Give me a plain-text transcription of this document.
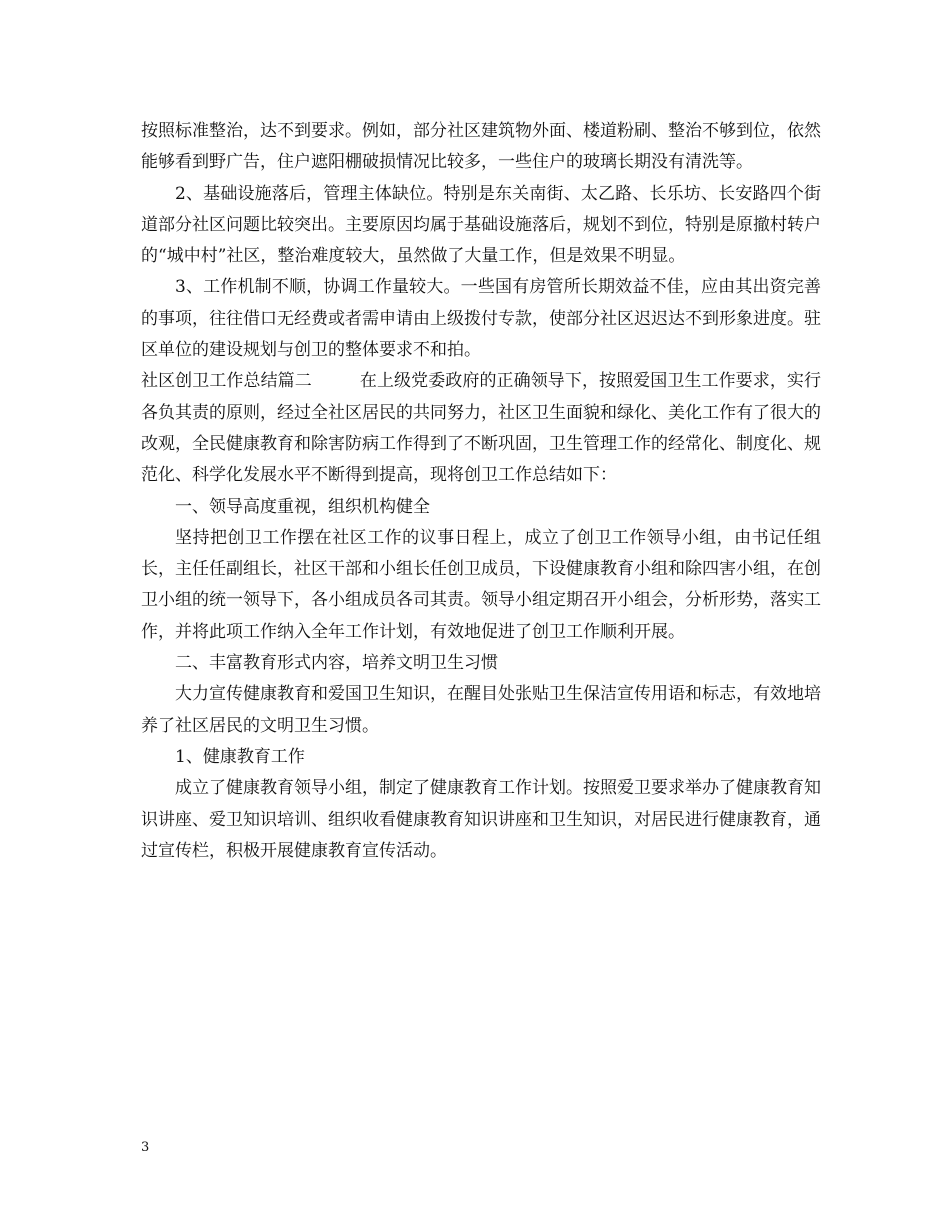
按照标准整治，达不到要求。例如，部分社区建筑物外面、楼道粉刷、整治不够到位，依然能够看到野广告，住户遮阳棚破损情况比较多，一些住户的玻璃长期没有清洗等。

2、基础设施落后，管理主体缺位。特别是东关南街、太乙路、长乐坊、长安路四个街道部分社区问题比较突出。主要原因均属于基础设施落后，规划不到位，特别是原撤村转户的“城中村”社区，整治难度较大，虽然做了大量工作，但是效果不明显。

3、工作机制不顺，协调工作量较大。一些国有房管所长期效益不佳，应由其出资完善的事项，往往借口无经费或者需申请由上级拨付专款，使部分社区迟迟达不到形象进度。驻区单位的建设规划与创卫的整体要求不和拍。

社区创卫工作总结篇二	在上级党委政府的正确领导下，按照爱国卫生工作要求，实行各负其责的原则，经过全社区居民的共同努力，社区卫生面貌和绿化、美化工作有了很大的改观，全民健康教育和除害防病工作得到了不断巩固，卫生管理工作的经常化、制度化、规范化、科学化发展水平不断得到提高，现将创卫工作总结如下：

一、领导高度重视，组织机构健全

坚持把创卫工作摆在社区工作的议事日程上，成立了创卫工作领导小组，由书记任组长，主任任副组长，社区干部和小组长任创卫成员，下设健康教育小组和除四害小组，在创卫小组的统一领导下，各小组成员各司其责。领导小组定期召开小组会，分析形势，落实工作，并将此项工作纳入全年工作计划，有效地促进了创卫工作顺利开展。

二、丰富教育形式内容，培养文明卫生习惯

大力宣传健康教育和爱国卫生知识，在醒目处张贴卫生保洁宣传用语和标志，有效地培养了社区居民的文明卫生习惯。

1、健康教育工作

成立了健康教育领导小组，制定了健康教育工作计划。按照爱卫要求举办了健康教育知识讲座、爱卫知识培训、组织收看健康教育知识讲座和卫生知识，对居民进行健康教育，通过宣传栏，积极开展健康教育宣传活动。

3
